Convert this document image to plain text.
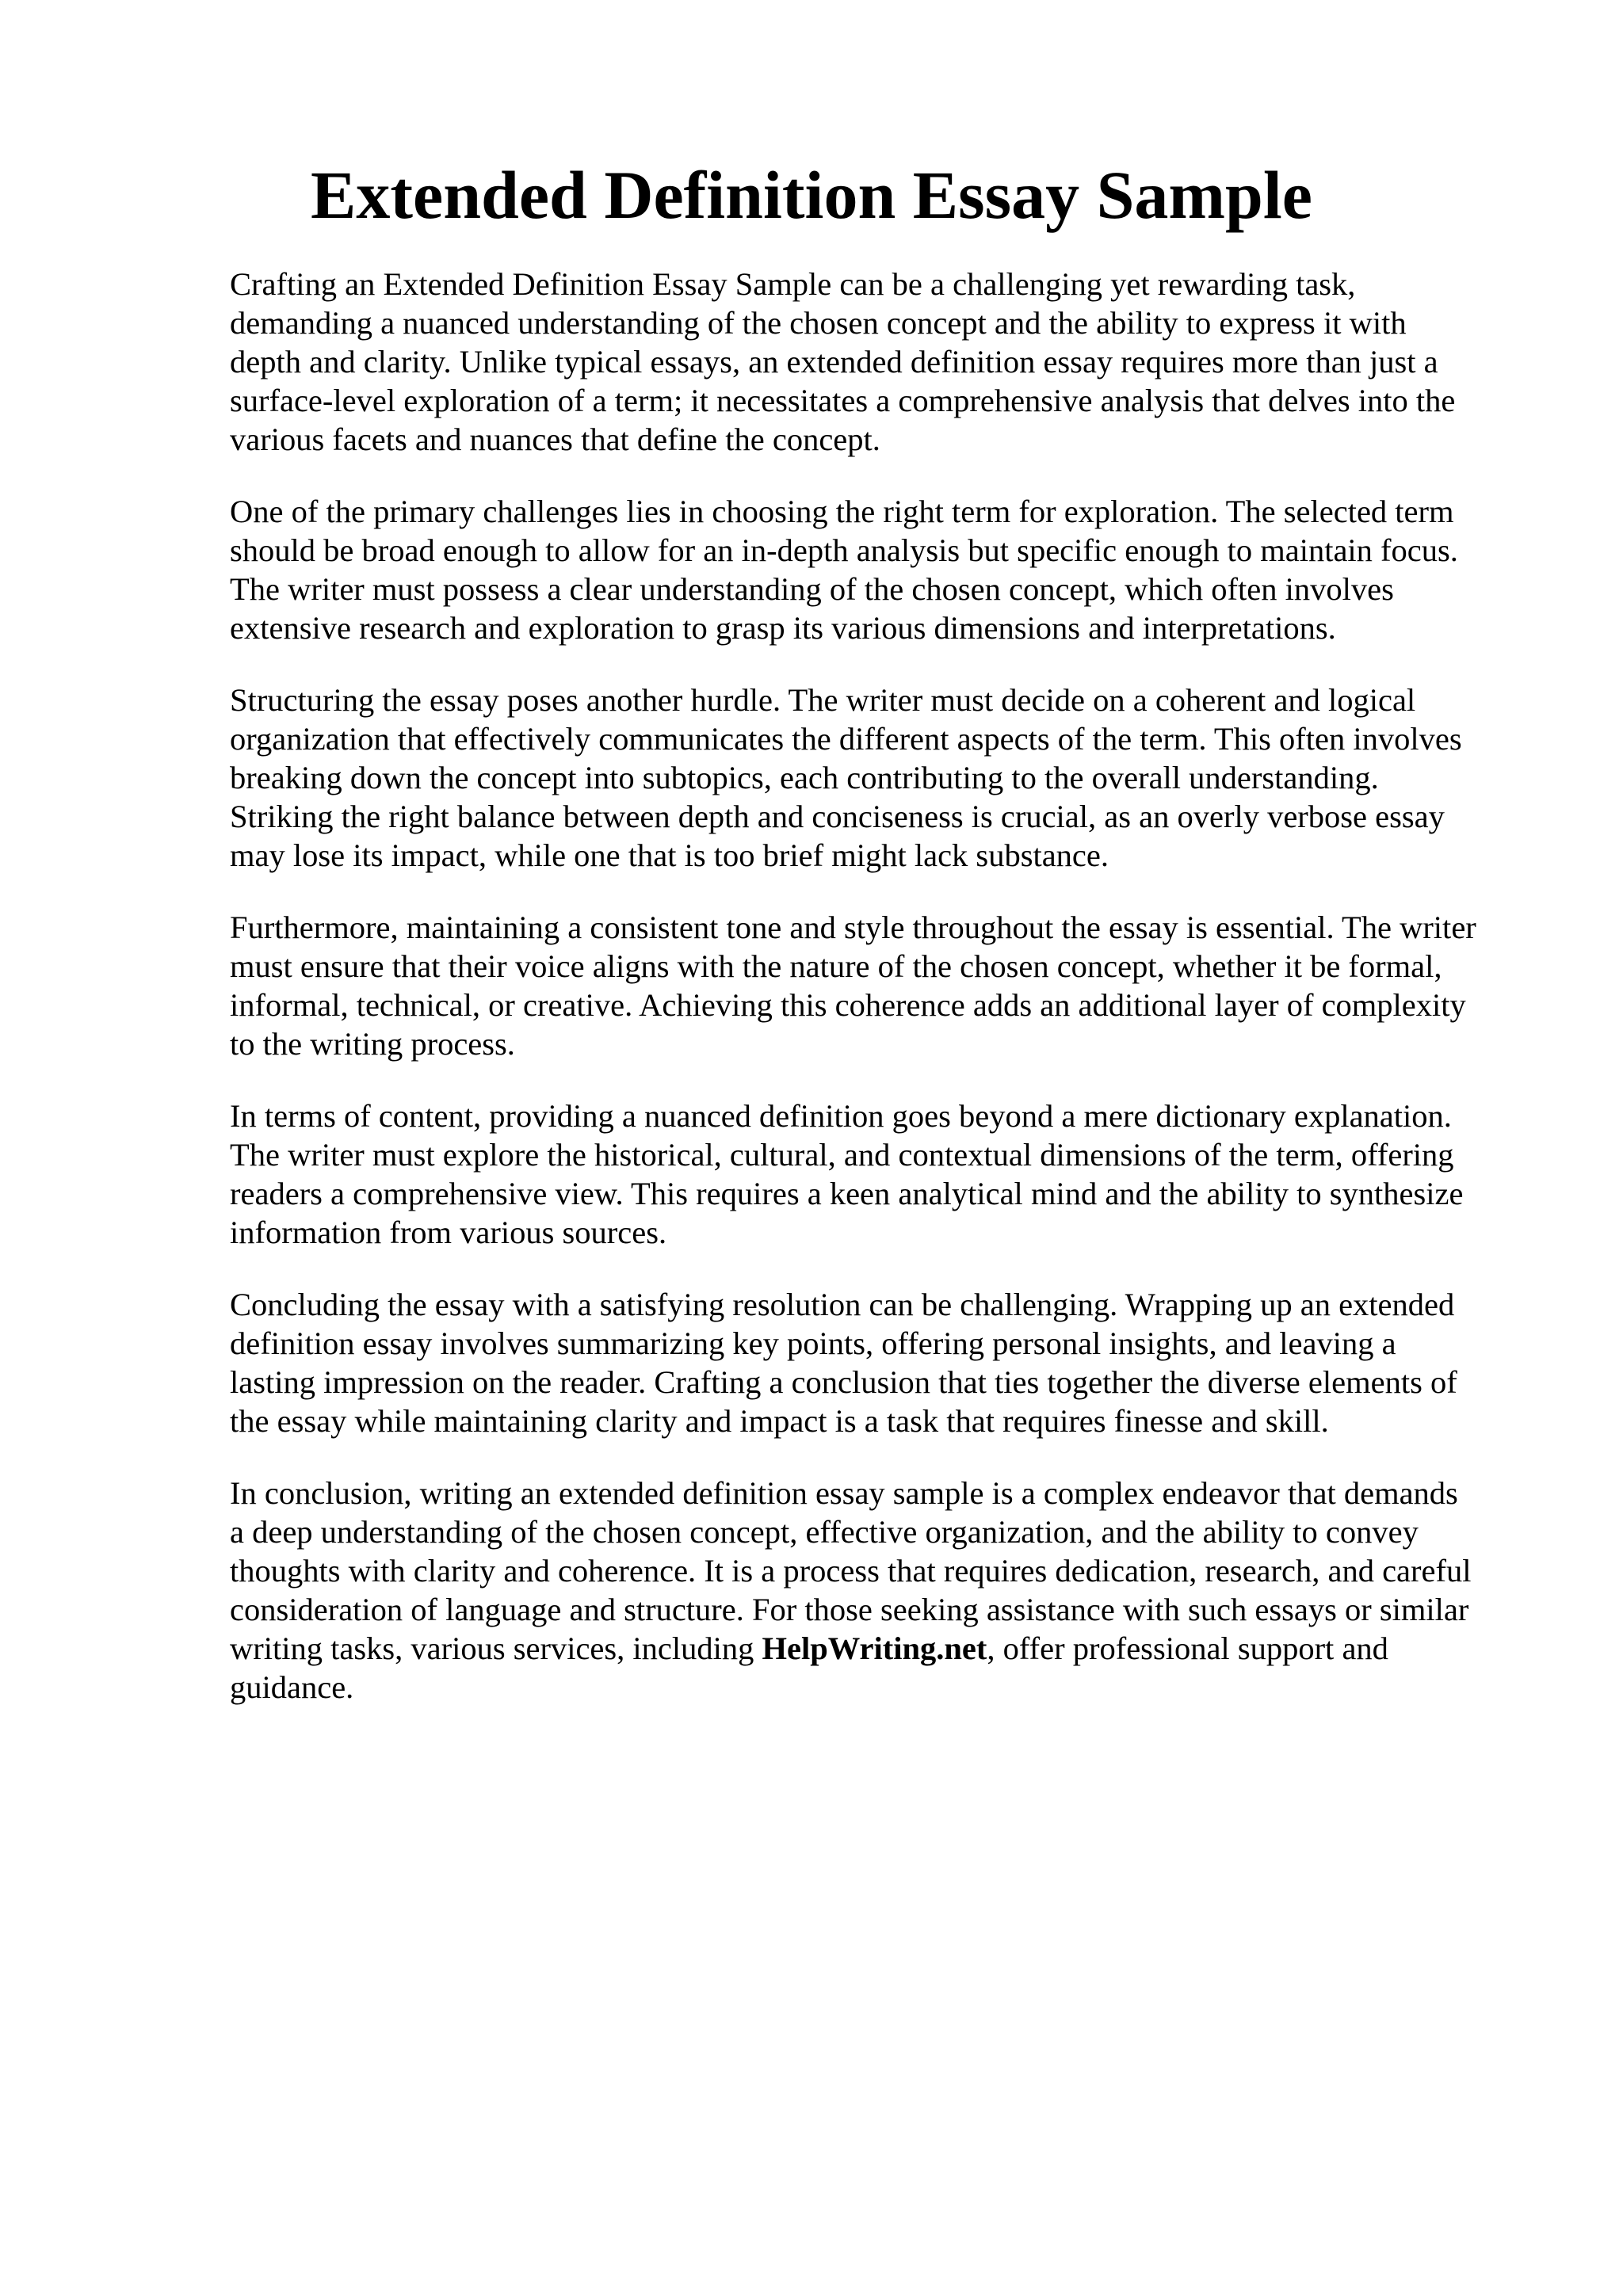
Extended Definition Essay Sample

Crafting an Extended Definition Essay Sample can be a challenging yet rewarding task,
demanding a nuanced understanding of the chosen concept and the ability to express it with
depth and clarity. Unlike typical essays, an extended definition essay requires more than just a
surface-level exploration of a term; it necessitates a comprehensive analysis that delves into the
various facets and nuances that define the concept.

One of the primary challenges lies in choosing the right term for exploration. The selected term
should be broad enough to allow for an in-depth analysis but specific enough to maintain focus.
The writer must possess a clear understanding of the chosen concept, which often involves
extensive research and exploration to grasp its various dimensions and interpretations.

Structuring the essay poses another hurdle. The writer must decide on a coherent and logical
organization that effectively communicates the different aspects of the term. This often involves
breaking down the concept into subtopics, each contributing to the overall understanding.
Striking the right balance between depth and conciseness is crucial, as an overly verbose essay
may lose its impact, while one that is too brief might lack substance.

Furthermore, maintaining a consistent tone and style throughout the essay is essential. The writer
must ensure that their voice aligns with the nature of the chosen concept, whether it be formal,
informal, technical, or creative. Achieving this coherence adds an additional layer of complexity
to the writing process.

In terms of content, providing a nuanced definition goes beyond a mere dictionary explanation.
The writer must explore the historical, cultural, and contextual dimensions of the term, offering
readers a comprehensive view. This requires a keen analytical mind and the ability to synthesize
information from various sources.

Concluding the essay with a satisfying resolution can be challenging. Wrapping up an extended
definition essay involves summarizing key points, offering personal insights, and leaving a
lasting impression on the reader. Crafting a conclusion that ties together the diverse elements of
the essay while maintaining clarity and impact is a task that requires finesse and skill.

In conclusion, writing an extended definition essay sample is a complex endeavor that demands
a deep understanding of the chosen concept, effective organization, and the ability to convey
thoughts with clarity and coherence. It is a process that requires dedication, research, and careful
consideration of language and structure. For those seeking assistance with such essays or similar
writing tasks, various services, including HelpWriting.net, offer professional support and
guidance.
